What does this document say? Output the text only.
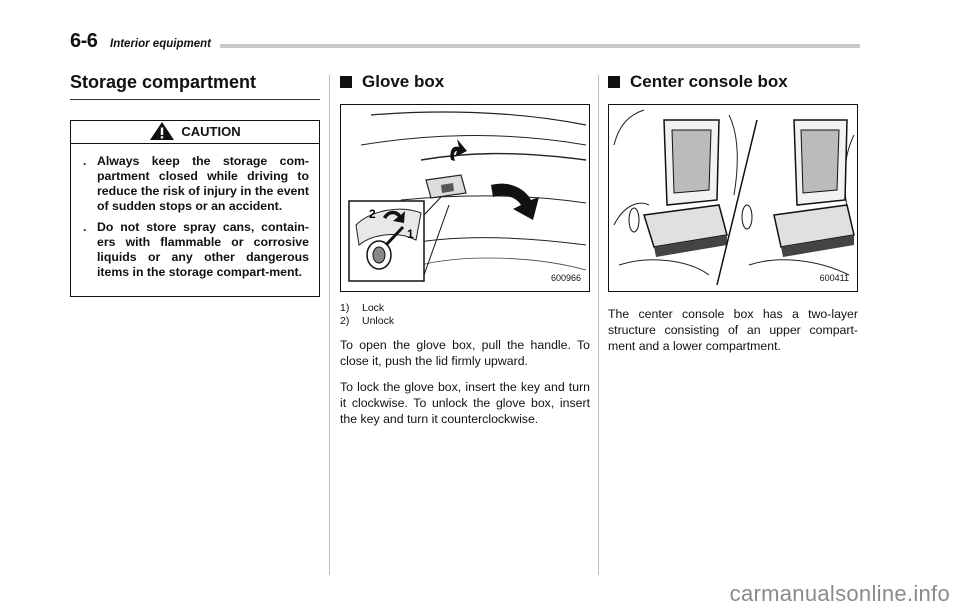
6-6 Interior equipment
Storage compartment
CAUTION
. Always keep the storage com-partment closed while driving to reduce the risk of injury in the event of sudden stops or an accident.
. Do not store spray cans, contain-ers with flammable or corrosive liquids or any other dangerous items in the storage compart-ment.
Glove box
2
1
600966
1)	Lock
2)	Unlock

To open the glove box, pull the handle. To close it, push the lid firmly upward.

To lock the glove box, insert the key and turn it clockwise. To unlock the glove box, insert the key and turn it counterclockwise.

Center console box
600411

The center console box has a two-layer structure consisting of an upper compart-ment and a lower compartment.

carmanualsonline.info
